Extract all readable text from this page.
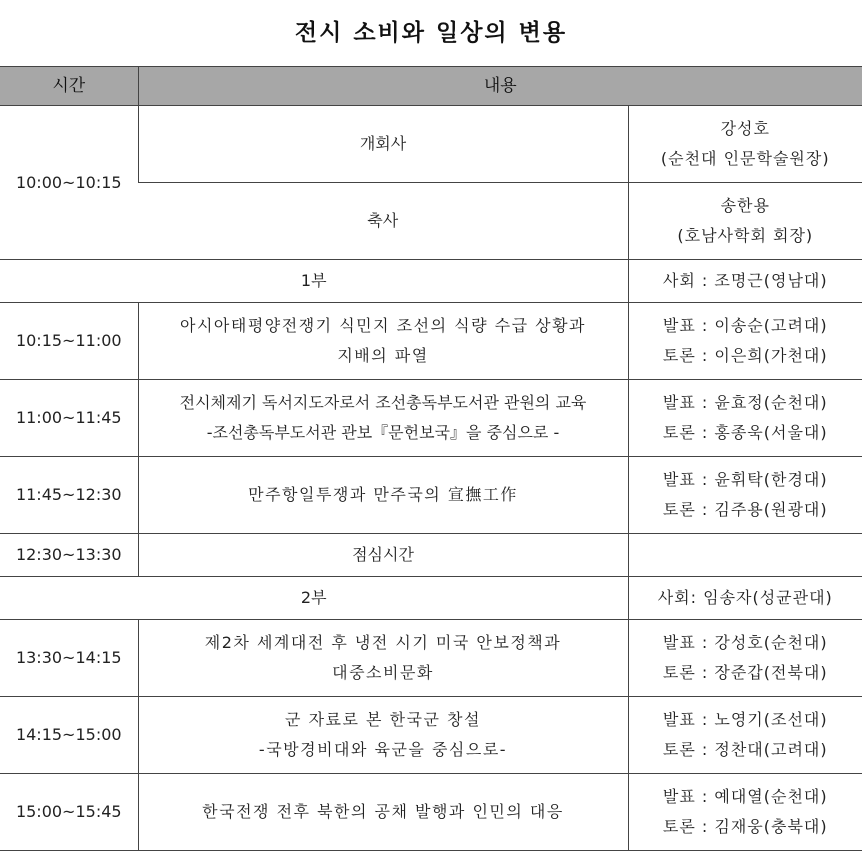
전시 소비와 일상의 변용
시간	내용	
10:00~10:15	개회사	강성호
(순천대 인문학술원장)

	축사	송한용
(호남사학회 회장)

1부		사회 : 조명근(영남대)
10:15~11:00	아시아태평양전쟁기 식민지 조선의 식량 수급 상황과
지배의 파열	발표 : 이송순(고려대)
토론 : 이은희(가천대)

11:00~11:45	전시체제기 독서지도자로서 조선총독부도서관 관원의 교육
-조선총독부도서관 관보『문헌보국』을 중심으로 -	발표 : 윤효정(순천대)
토론 : 홍종욱(서울대)

11:45~12:30	만주항일투쟁과 만주국의 宣撫工作	발표 : 윤휘탁(한경대)
토론 : 김주용(원광대)

12:30~13:30	점심시간	
2부		사회: 임송자(성균관대)
13:30~14:15	제2차 세계대전 후 냉전 시기 미국 안보정책과
대중소비문화	발표 : 강성호(순천대)
토론 : 장준갑(전북대)

14:15~15:00	군 자료로 본 한국군 창설
-국방경비대와 육군을 중심으로-	발표 : 노영기(조선대)
토론 : 정찬대(고려대)

15:00~15:45	한국전쟁 전후 북한의 공채 발행과 인민의 대응	발표 : 예대열(순천대)
토론 : 김재웅(충북대)
